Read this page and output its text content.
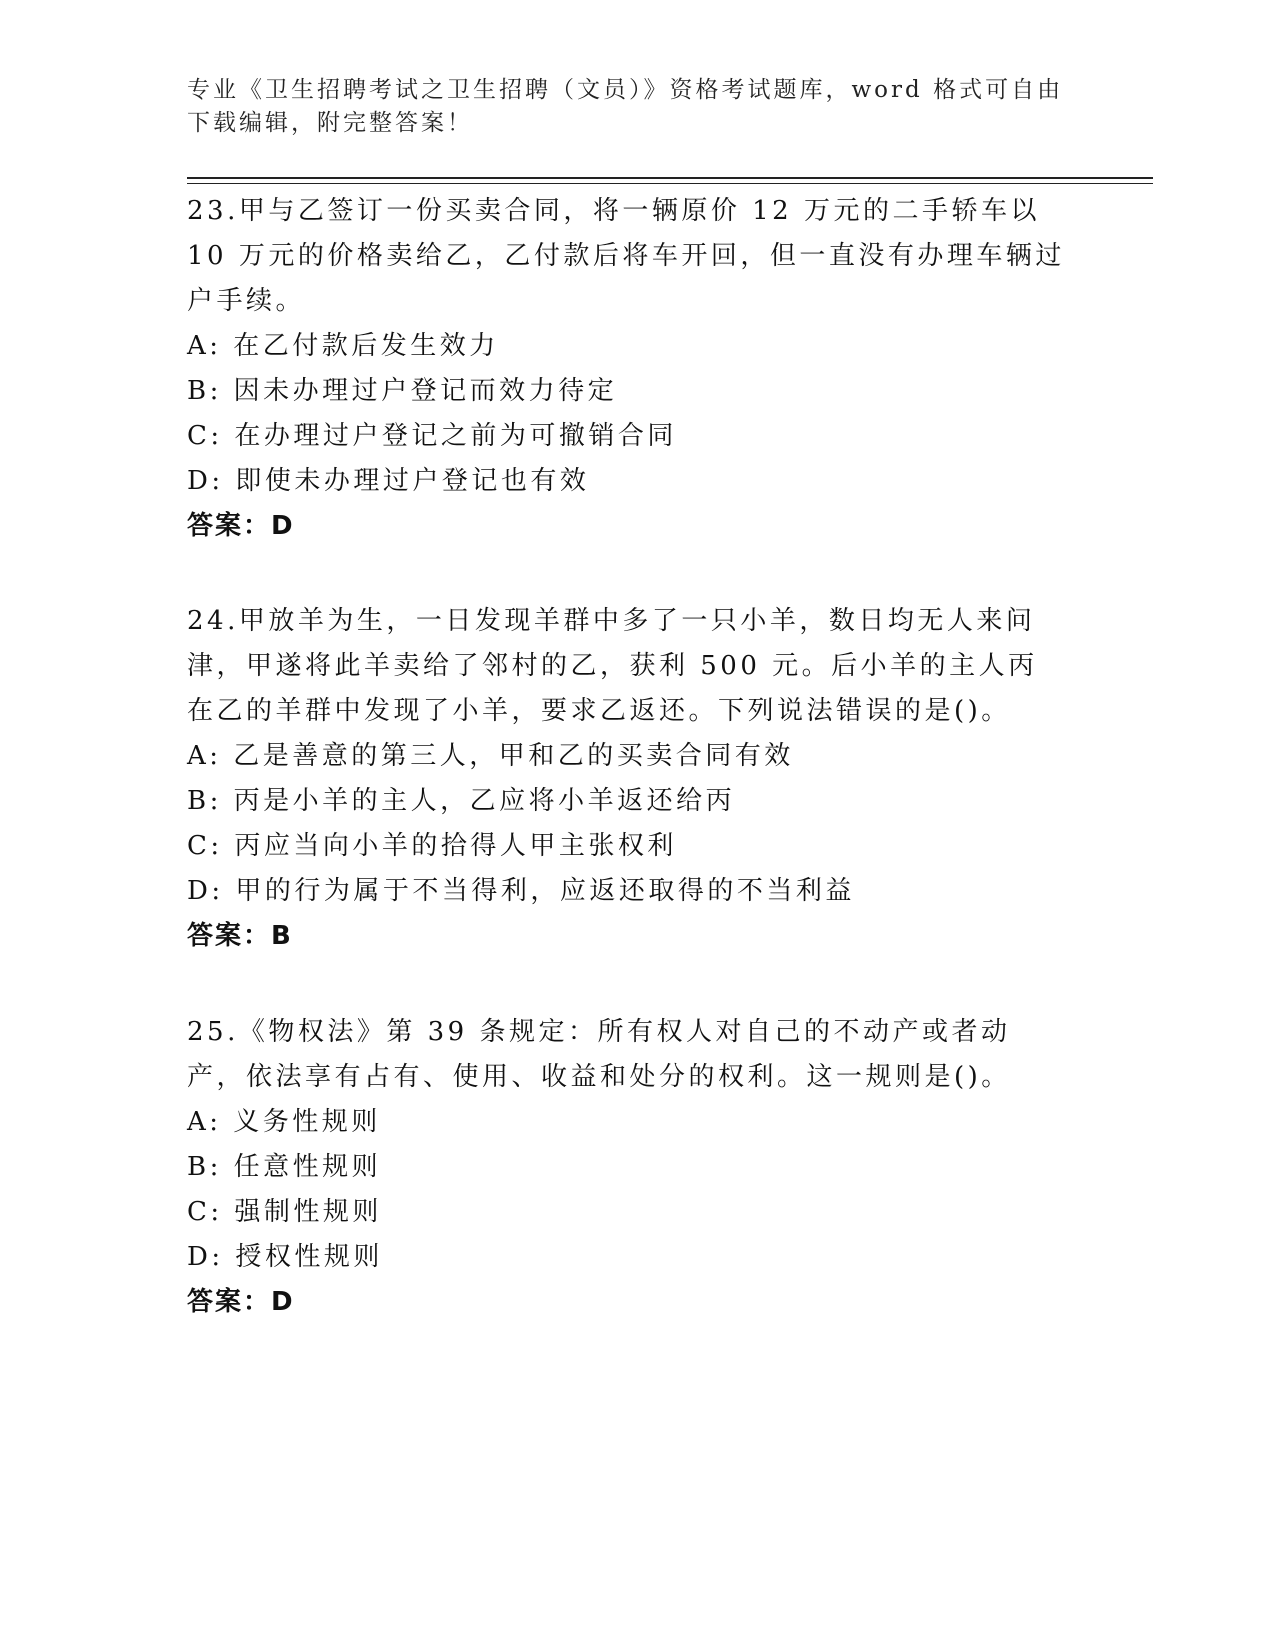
专业《卫生招聘考试之卫生招聘（文员）》资格考试题库，word 格式可自由下载编辑，附完整答案！
23.甲与乙签订一份买卖合同，将一辆原价 12 万元的二手轿车以 10 万元的价格卖给乙，乙付款后将车开回，但一直没有办理车辆过户手续。
A: 在乙付款后发生效力
B: 因未办理过户登记而效力待定
C: 在办理过户登记之前为可撤销合同
D: 即使未办理过户登记也有效
答案：D
24.甲放羊为生，一日发现羊群中多了一只小羊，数日均无人来问津，甲遂将此羊卖给了邻村的乙，获利 500 元。后小羊的主人丙在乙的羊群中发现了小羊，要求乙返还。下列说法错误的是()。
A: 乙是善意的第三人，甲和乙的买卖合同有效
B: 丙是小羊的主人，乙应将小羊返还给丙
C: 丙应当向小羊的拾得人甲主张权利
D: 甲的行为属于不当得利，应返还取得的不当利益
答案：B
25.《物权法》第 39 条规定：所有权人对自己的不动产或者动产，依法享有占有、使用、收益和处分的权利。这一规则是()。
A: 义务性规则
B: 任意性规则
C: 强制性规则
D: 授权性规则
答案：D
